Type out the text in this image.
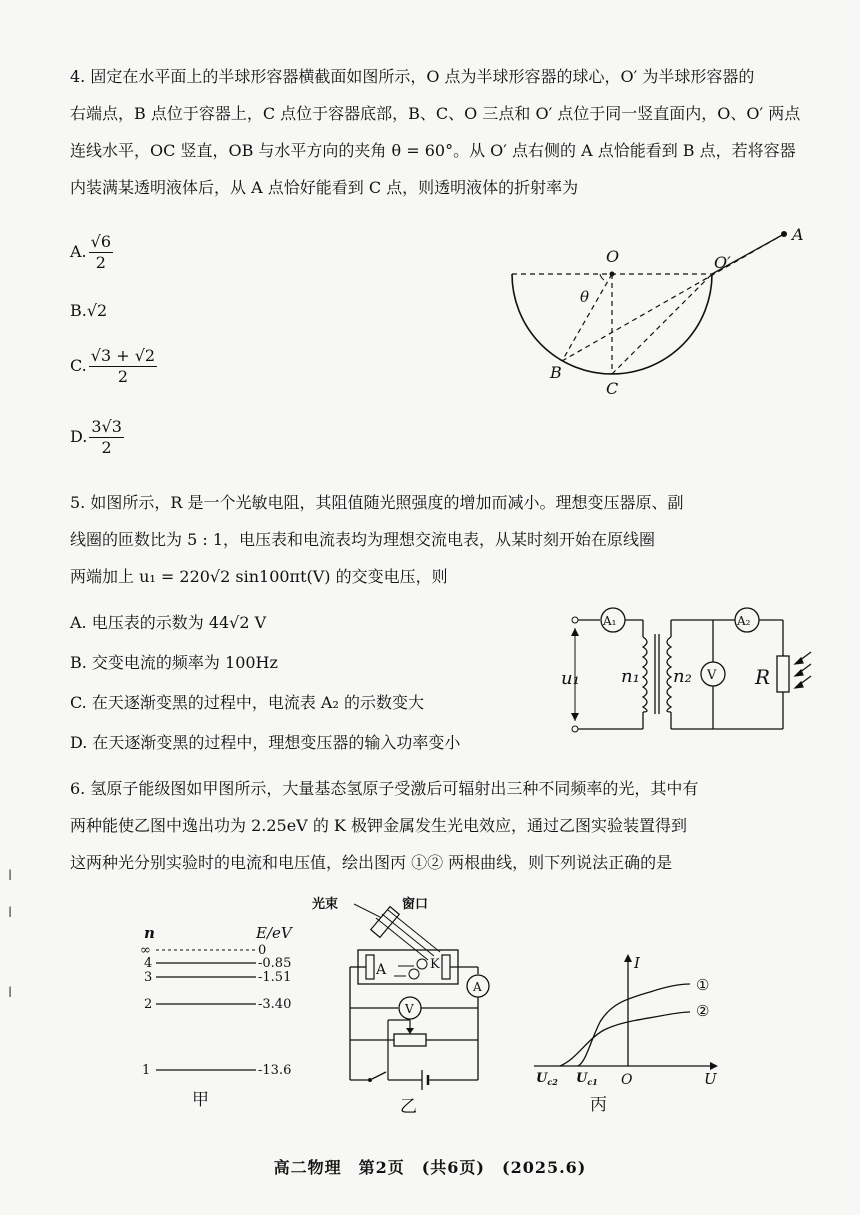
ǀ
ǀ
ǀ
4. 固定在水平面上的半球形容器横截面如图所示，O 点为半球形容器的球心，O′ 为半球形容器的
右端点，B 点位于容器上，C 点位于容器底部，B、C、O 三点和 O′ 点位于同一竖直面内，O、O′ 两点
连线水平，OC 竖直，OB 与水平方向的夹角 θ = 60°。从 O′ 点右侧的 A 点恰能看到 B 点，若将容器
内装满某透明液体后，从 A 点恰好能看到 C 点，则透明液体的折射率为
A. $\frac{√6}{2}$
B.√2
C. $\frac{√3 + √2}{2}$
D. $\frac{3√3}{2}$
O	O′
A
B
C
θ
5. 如图所示，R 是一个光敏电阻，其阻值随光照强度的增加而减小。理想变压器原、副
线圈的匝数比为 5 : 1，电压表和电流表均为理想交流电表，从某时刻开始在原线圈
两端加上 u₁ = 220√2 sin100πt(V) 的交变电压，则
A. 电压表的示数为 44√2 V
B. 交变电流的频率为 100Hz
C. 在天逐渐变黑的过程中，电流表 A₂ 的示数变大
D. 在天逐渐变黑的过程中，理想变压器的输入功率变小
A₁
u₁ n₁ n₂
A₂
V R
6. 氢原子能级图如甲图所示，大量基态氢原子受激后可辐射出三种不同频率的光，其中有
两种能使乙图中逸出功为 2.25eV 的 K 极钾金属发生光电效应，通过乙图实验装置得到
这两种光分别实验时的电流和电压值，绘出图丙 ①② 两根曲线，则下列说法正确的是
n	E/eV
∞	0
4	-0.85
3	-1.51
2	-3.40
1	-13.6
甲
光束	窗口
A	K
A
V
乙
I
U
O
①
②
$U_{c2}$ $U_{c1}$
丙
高二物理　第2页　(共6页)　(2025.6)
